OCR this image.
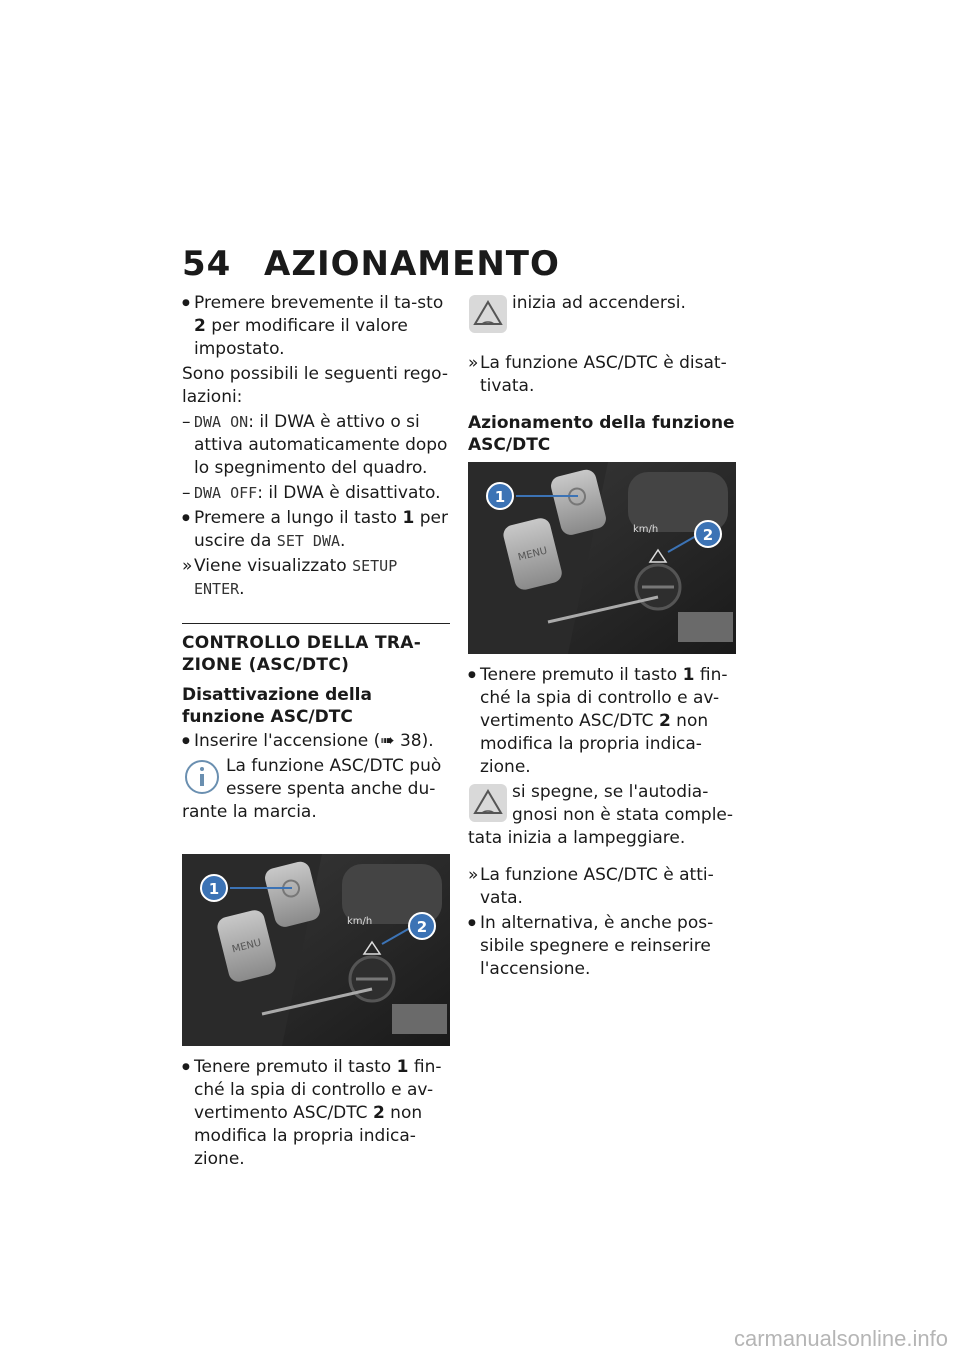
54 AZIONAMENTO
● Premere brevemente il ta-sto 2 per modificare il valore impostato.
Sono possibili le seguenti rego-lazioni:
– DWA ON: il DWA è attivo o si attiva automaticamente dopo lo spegnimento del quadro.
– DWA OFF: il DWA è disattivato.
● Premere a lungo il tasto 1 per uscire da SET DWA.
» Viene visualizzato SETUP ENTER.
CONTROLLO DELLA TRA-ZIONE (ASC/DTC)
Disattivazione della funzione ASC/DTC
● Inserire l'accensione (➠ 38).
La funzione ASC/DTC può essere spenta anche du-rante la marcia.
MENU
km/h
1
2
● Tenere premuto il tasto 1 fin-ché la spia di controllo e av-vertimento ASC/DTC 2 non modifica la propria indica-zione.
inizia ad accendersi.
» La funzione ASC/DTC è disat-tivata.
Azionamento della funzione ASC/DTC
MENU
km/h
1
2
● Tenere premuto il tasto 1 fin-ché la spia di controllo e av-vertimento ASC/DTC 2 non modifica la propria indica-zione.
si spegne, se l'autodia-gnosi non è stata comple-tata inizia a lampeggiare.
» La funzione ASC/DTC è atti-vata.
● In alternativa, è anche pos-sibile spegnere e reinserire l'accensione.
carmanualsonline.info
